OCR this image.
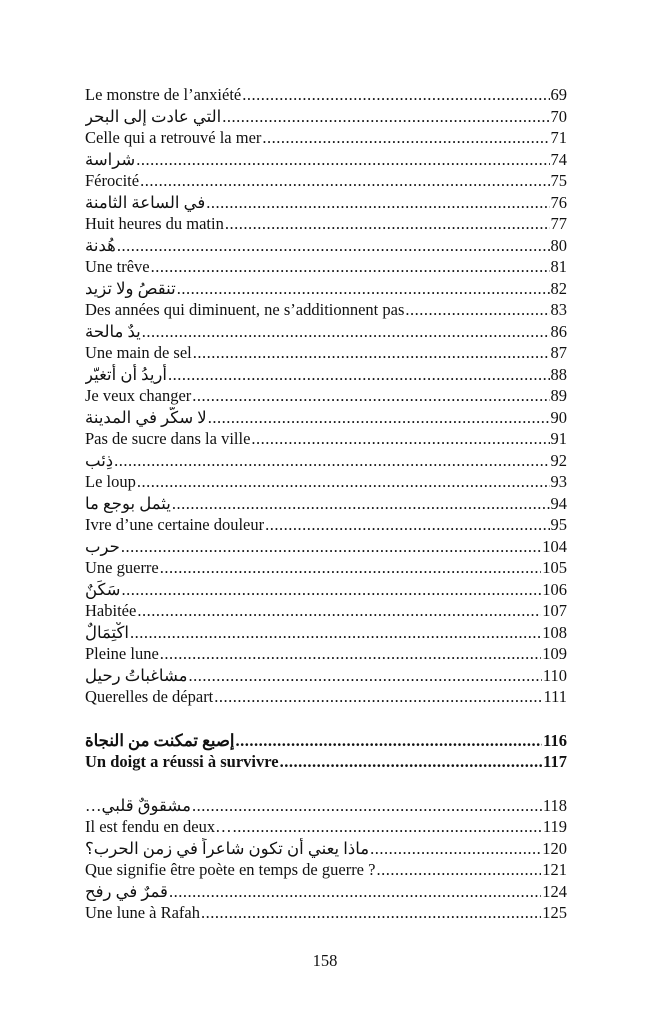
Le monstre de l’anxiété .....	69
التي عادت إلى البحر .....	70
Celle qui a retrouvé la mer .....	71
شراسة .....	74
Férocité .....	75
في الساعة الثامنة .....	76
Huit heures du matin .....	77
هُدنة .....	80
Une trêve .....	81
تنقصُ ولا تزيد .....	82
Des années qui diminuent, ne s’additionnent pas .....	83
يدٌ مالحة .....	86
Une main de sel .....	87
أريدُ أن أتغيّر .....	88
Je veux changer .....	89
لا سكّر في المدينة .....	90
Pas de sucre dans la ville .....	91
ذِئب .....	92
Le loup .....	93
يثمل بوجع ما .....	94
Ivre d’une certaine douleur .....	95
حرب .....	104
Une guerre .....	105
سَكَنٌ .....	106
Habitée .....	107
اكْتِمَالٌ .....	108
Pleine lune .....	109
مشاغباتُ رحيل .....	110
Querelles de départ .....	111
إصبع تمكنت من النجاة .....	116
Un doigt a réussi à survivre .....	117
مشقوقٌ قلبي… .....	118
Il est fendu en deux… .....	119
ماذا يعني أن تكون شاعراً في زمن الحرب؟ .....	120
Que signifie être poète en temps de guerre ? .....	121
قمرٌ في رفح .....	124
Une lune à Rafah .....	125
158
